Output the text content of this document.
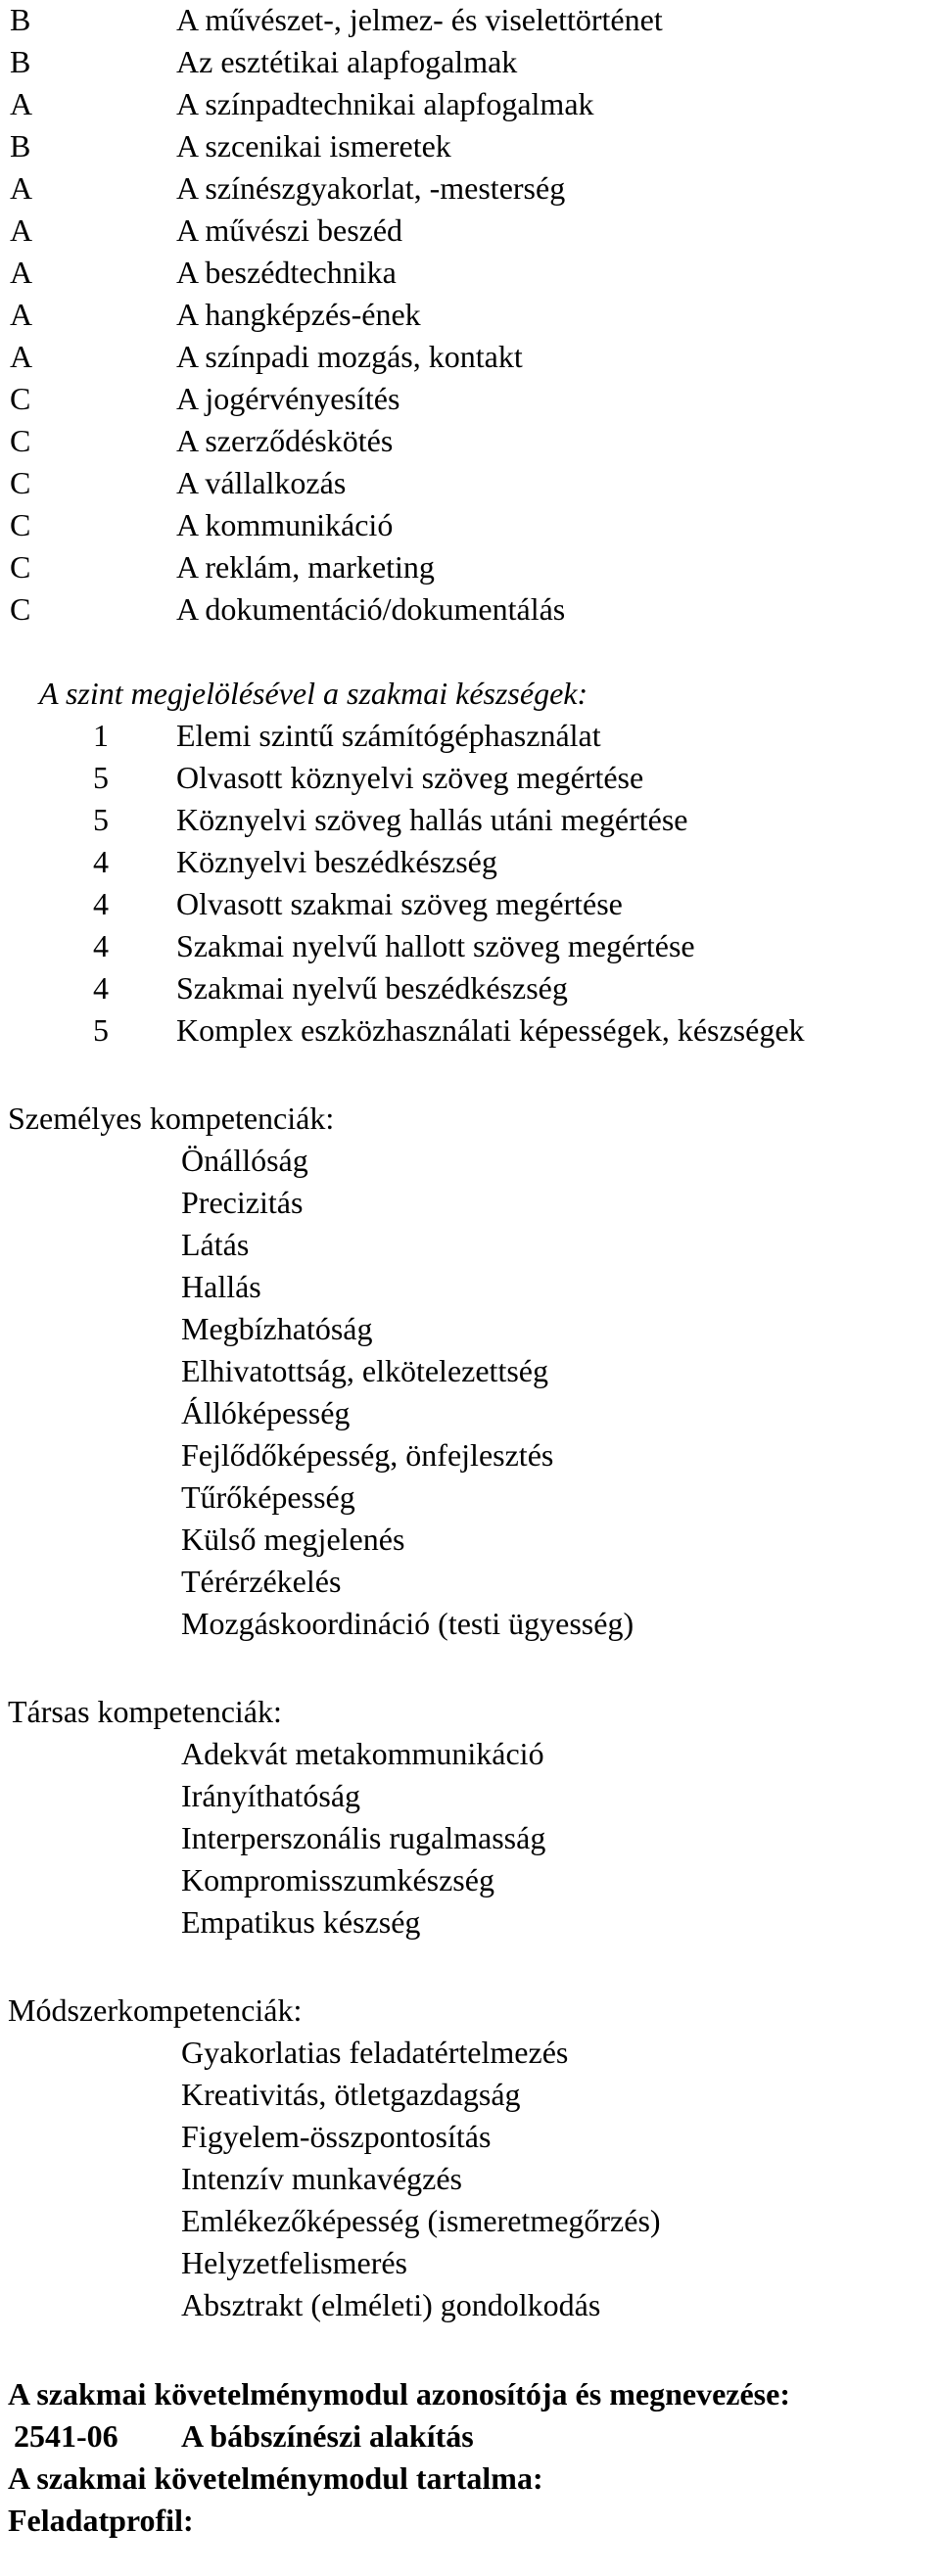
B	A művészet-, jelmez- és viselettörténet
B	Az esztétikai alapfogalmak
A	A színpadtechnikai alapfogalmak
B	A szcenikai ismeretek
A	A színészgyakorlat, -mesterség
A	A művészi beszéd
A	A beszédtechnika
A	A hangképzés-ének
A	A színpadi mozgás, kontakt
C	A jogérvényesítés
C	A szerződéskötés
C	A vállalkozás
C	A kommunikáció
C	A reklám, marketing
C	A dokumentáció/dokumentálás
A szint megjelölésével a szakmai készségek:
1	Elemi szintű számítógéphasználat
5	Olvasott köznyelvi szöveg megértése
5	Köznyelvi szöveg hallás utáni megértése
4	Köznyelvi beszédkészség
4	Olvasott szakmai szöveg megértése
4	Szakmai nyelvű hallott szöveg megértése
4	Szakmai nyelvű beszédkészség
5	Komplex eszközhasználati képességek, készségek
Személyes kompetenciák:
Önállóság
Precizitás
Látás
Hallás
Megbízhatóság
Elhivatottság, elkötelezettség
Állóképesség
Fejlődőképesség, önfejlesztés
Tűrőképesség
Külső megjelenés
Térérzékelés
Mozgáskoordináció (testi ügyesség)
Társas kompetenciák:
Adekvát metakommunikáció
Irányíthatóság
Interperszonális rugalmasság
Kompromisszumkészség
Empatikus készség
Módszerkompetenciák:
Gyakorlatias feladatértelmezés
Kreativitás, ötletgazdagság
Figyelem-összpontosítás
Intenzív munkavégzés
Emlékezőképesség (ismeretmegőrzés)
Helyzetfelismerés
Absztrakt (elméleti) gondolkodás
A szakmai követelménymodul azonosítója és megnevezése:
2541-06 A bábszínészi alakítás
A szakmai követelménymodul tartalma:
Feladatprofil:
